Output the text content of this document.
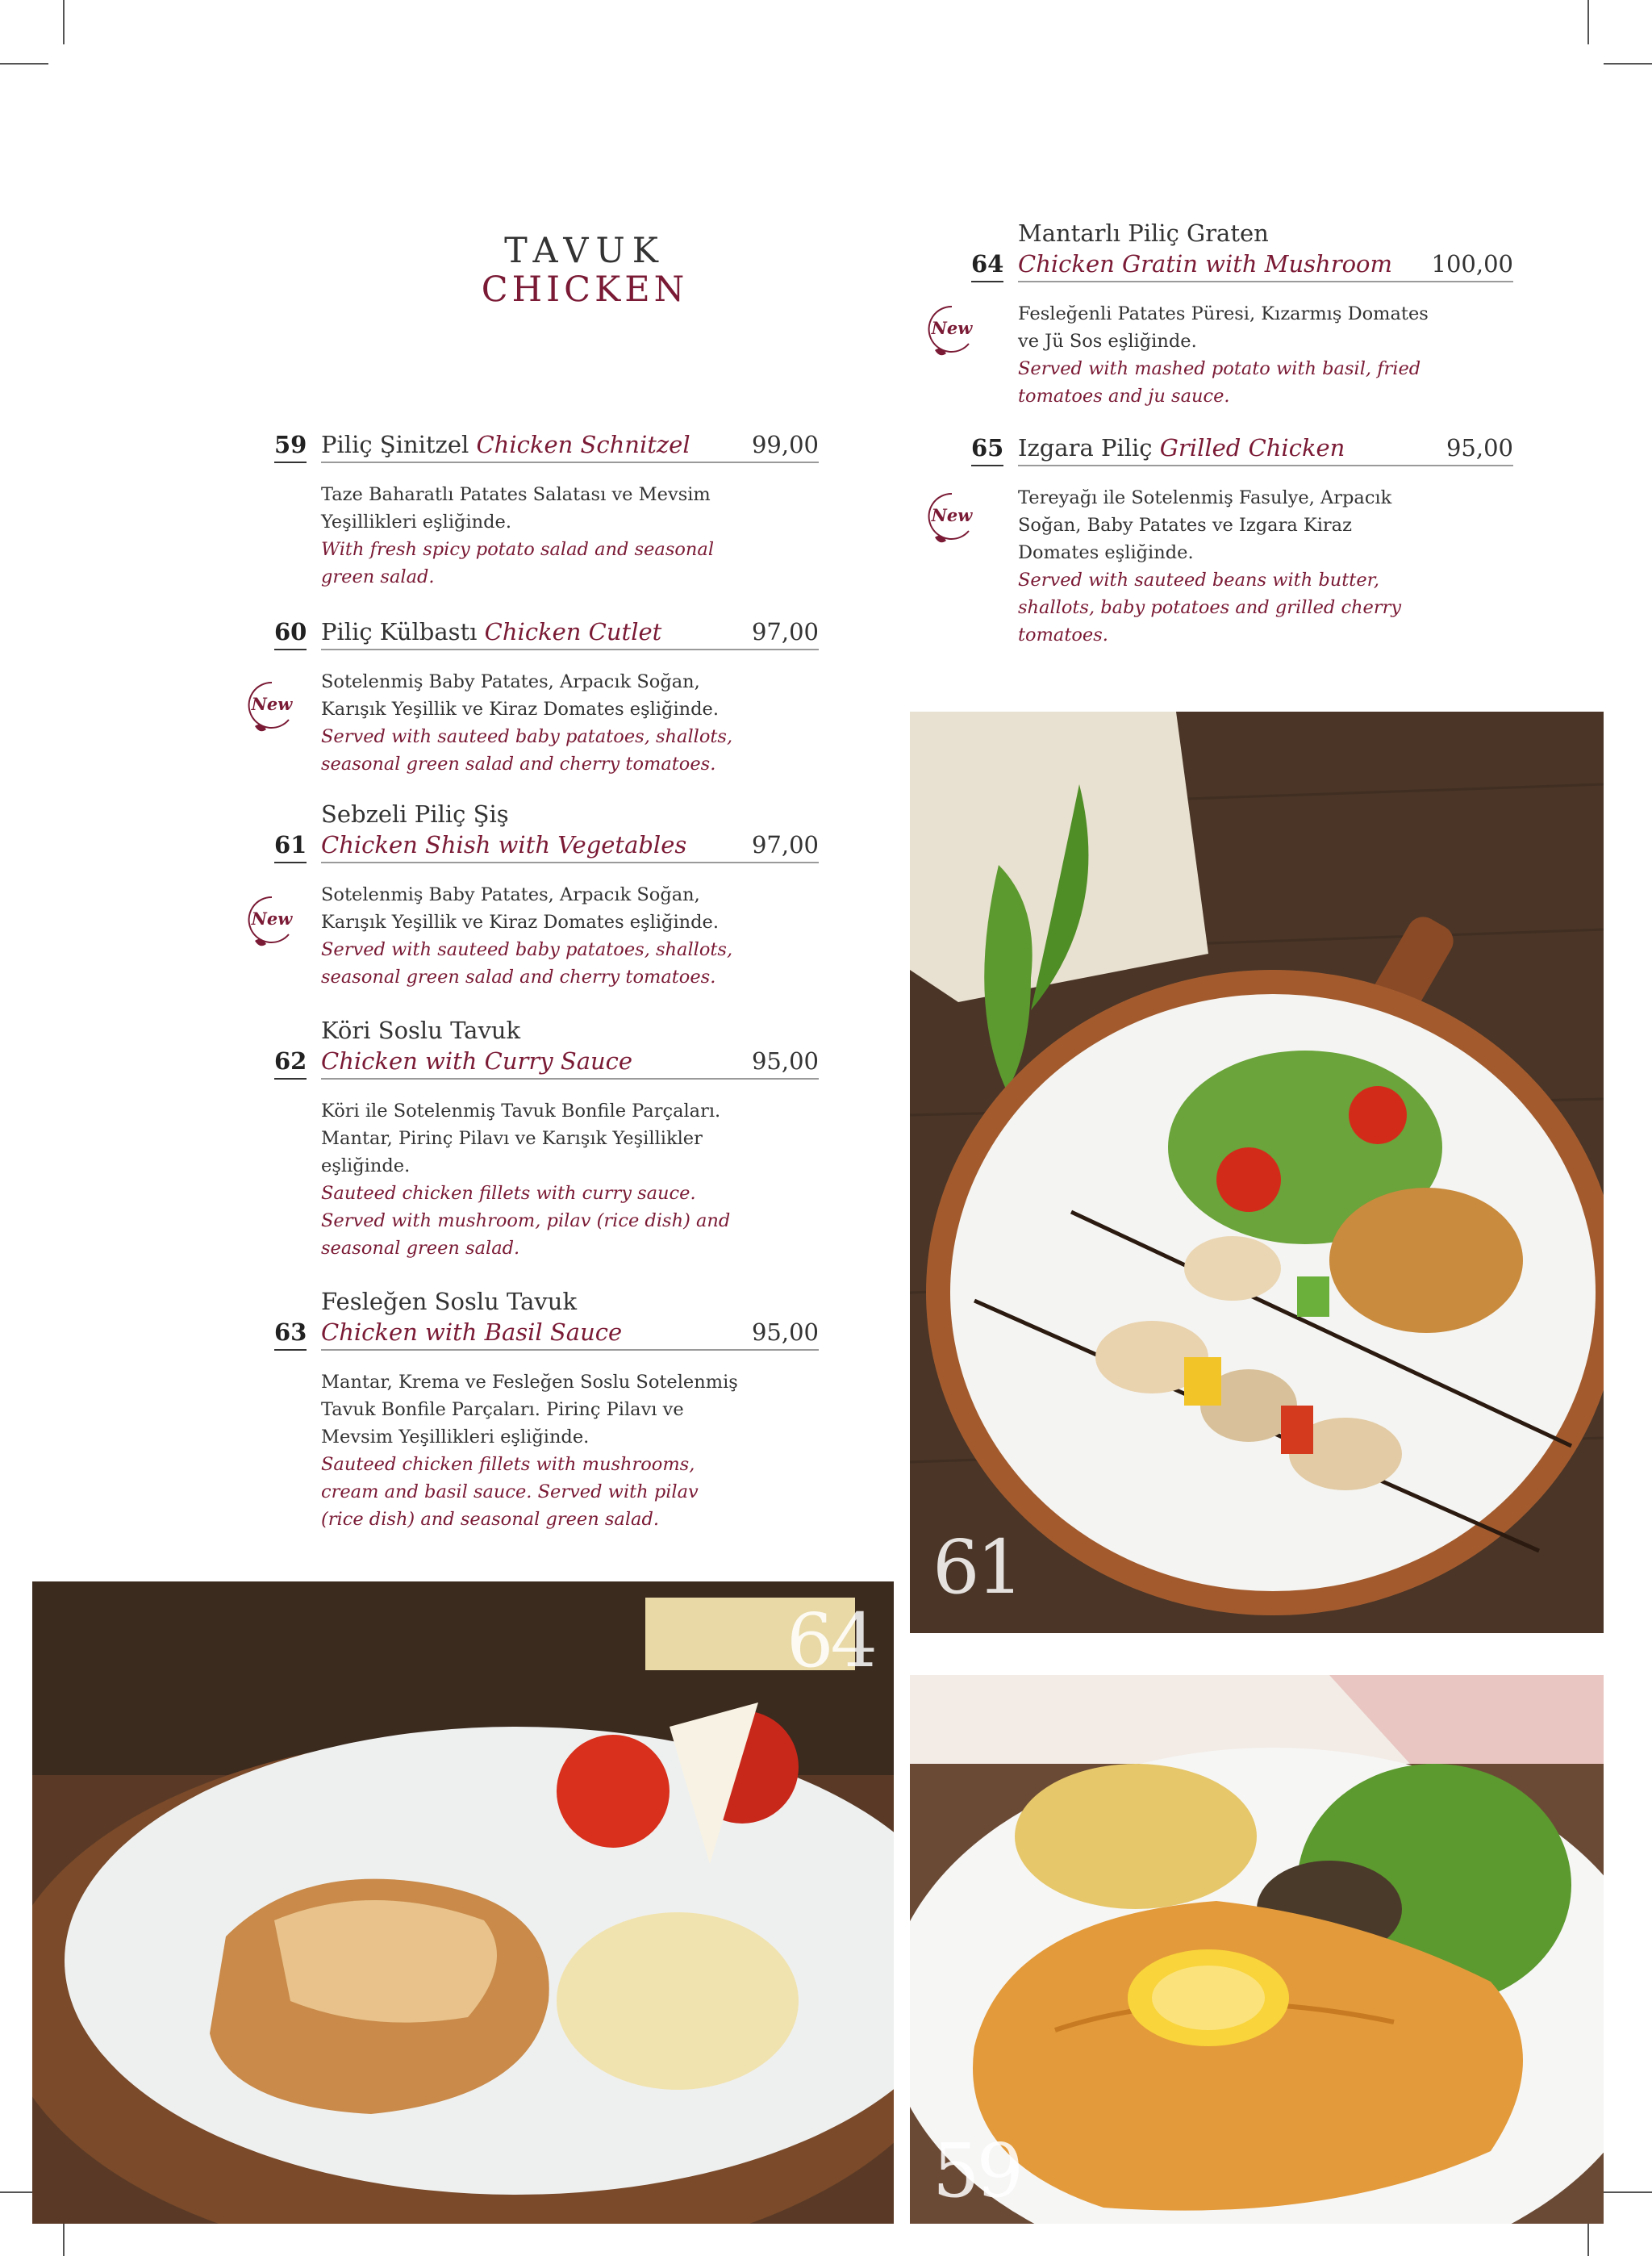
TAVUK
CHICKEN
59 Piliç Şinitzel Chicken Schnitzel	99,00
Taze Baharatlı Patates Salatası ve Mevsim Yeşillikleri eşliğinde.
With fresh spicy potato salad and seasonal green salad.
60 Piliç Külbastı Chicken Cutlet	97,00
Sotelenmiş Baby Patates, Arpacık Soğan, Karışık Yeşillik ve Kiraz Domates eşliğinde.
Served with sauteed baby patatoes, shallots, seasonal green salad and cherry tomatoes.
Sebzeli Piliç Şiş
Chicken Shish with Vegetables
61	97,00
Sotelenmiş Baby Patates, Arpacık Soğan, Karışık Yeşillik ve Kiraz Domates eşliğinde.
Served with sauteed baby patatoes, shallots, seasonal green salad and cherry tomatoes.
Köri Soslu Tavuk
Chicken with Curry Sauce
62	95,00
Köri ile Sotelenmiş Tavuk Bonfile Parçaları. Mantar, Pirinç Pilavı ve Karışık Yeşillikler eşliğinde.
Sauteed chicken fillets with curry sauce. Served with mushroom, pilav (rice dish) and seasonal green salad.
Fesleğen Soslu Tavuk
Chicken with Basil Sauce
63	95,00
Mantar, Krema ve Fesleğen Soslu Sotelenmiş Tavuk Bonfile Parçaları. Pirinç Pilavı ve Mevsim Yeşillikleri eşliğinde.
Sauteed chicken fillets with mushrooms, cream and basil sauce. Served with pilav (rice dish) and seasonal green salad.
Mantarlı Piliç Graten
Chicken Gratin with Mushroom
64	100,00
Fesleğenli Patates Püresi, Kızarmış Domates ve Jü Sos eşliğinde.
Served with mashed potato with basil, fried tomatoes and ju sauce.
65 Izgara Piliç Grilled Chicken	95,00
Tereyağı ile Sotelenmiş Fasulye, Arpacık Soğan, Baby Patates ve Izgara Kiraz Domates eşliğinde.
Served with sauteed beans with butter, shallots, baby potatoes and grilled cherry tomatoes.
New
New
New
New
61
64
59
